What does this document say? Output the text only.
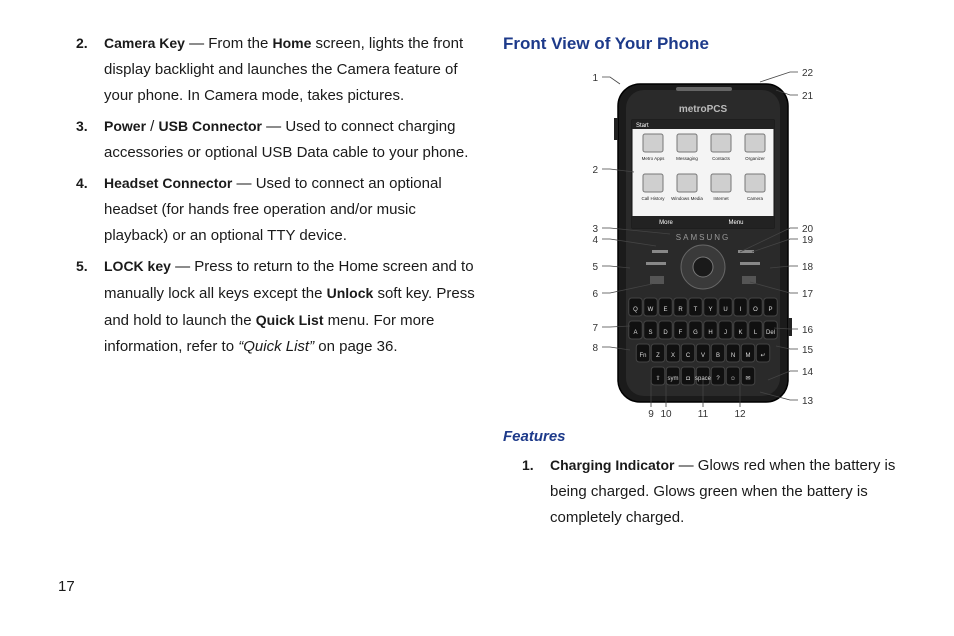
2. Camera Key — From the Home screen, lights the front display backlight and launches the Camera feature of your phone. In Camera mode, takes pictures.
3. Power / USB Connector — Used to connect charging accessories or optional USB Data cable to your phone.
4. Headset Connector — Used to connect an optional headset (for hands free operation and/or music playback) or an optional TTY device.
5. LOCK key — Press to return to the Home screen and to manually lock all keys except the Unlock soft key. Press and hold to launch the Quick List menu. For more information, refer to “Quick List” on page 36.
Front View of Your Phone
metroPCS
Start
Metro Apps	Messaging	Contacts	Organizer
Call History Windows Media Internet	Camera
More	Menu
SAMSUNG
Q W E R T Y U I O P
A S D F G H J K L Del
Fn Z X C V B N M ↵
⇧ sym ◘ space ? ☺ ✉
1
2
3
4
5
6
7
8
22
21
20
19
18
17
16
15
14
13
9 10	11	12
Features
1. Charging Indicator — Glows red when the battery is being charged. Glows green when the battery is completely charged.
17
